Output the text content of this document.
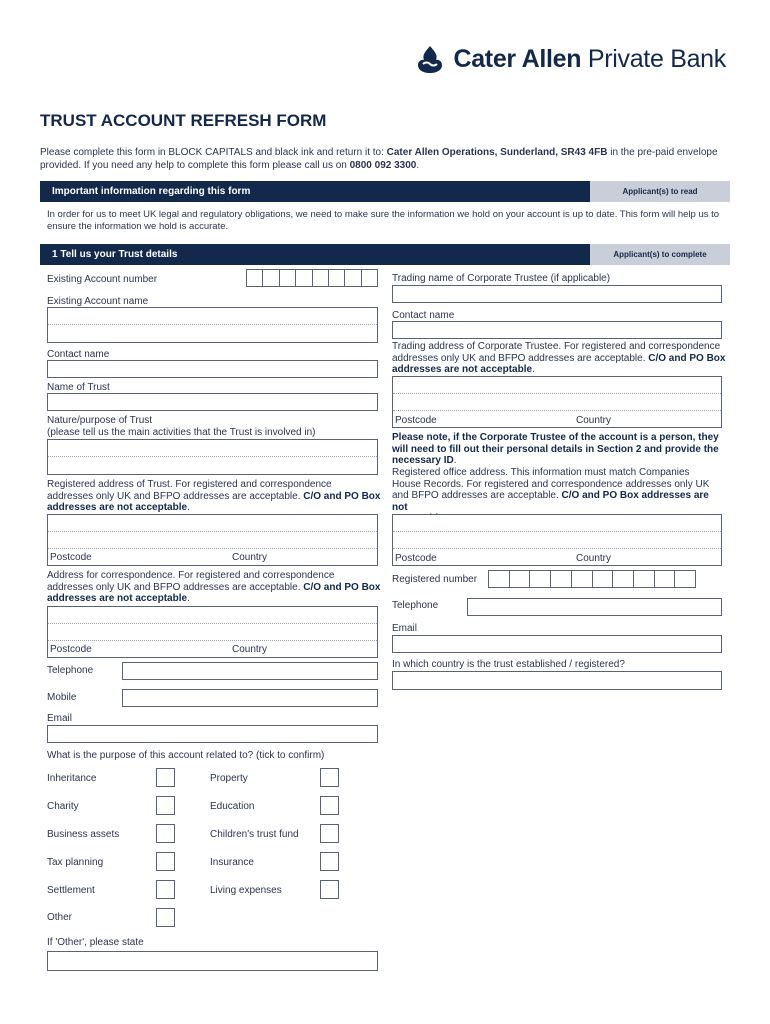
Cater Allen Private Bank
TRUST ACCOUNT REFRESH FORM
Please complete this form in BLOCK CAPITALS and black ink and return it to: Cater Allen Operations, Sunderland, SR43 4FB in the pre-paid envelope provided. If you need any help to complete this form please call us on 0800 092 3300.
Important information regarding this form	Applicant(s) to read
In order for us to meet UK legal and regulatory obligations, we need to make sure the information we hold on your account is up to date. This form will help us to ensure the information we hold is accurate.
1 Tell us your Trust details	Applicant(s) to complete
Existing Account number
Existing Account name
Contact name
Name of Trust
Nature/purpose of Trust
(please tell us the main activities that the Trust is involved in)
Registered address of Trust. For registered and correspondence
addresses only UK and BFPO addresses are acceptable. C/O and PO Box
addresses are not acceptable.
Postcode	Country
Address for correspondence. For registered and correspondence
addresses only UK and BFPO addresses are acceptable. C/O and PO Box
addresses are not acceptable.
Postcode	Country
Telephone
Mobile
Email
What is the purpose of this account related to? (tick to confirm)
Inheritance
Charity
Business assets
Tax planning
Settlement
Other
Property
Education
Children's trust fund
Insurance
Living expenses
If 'Other', please state
Trading name of Corporate Trustee (if applicable)
Contact name
Trading address of Corporate Trustee. For registered and correspondence
addresses only UK and BFPO addresses are acceptable. C/O and PO Box
addresses are not acceptable.
Postcode	Country
Please note, if the Corporate Trustee of the account is a person, they
will need to fill out their personal details in Section 2 and provide the
necessary ID.
Registered office address. This information must match Companies
House Records. For registered and correspondence addresses only UK
and BFPO addresses are acceptable. C/O and PO Box addresses are not
Postcode	Country
Registered number
Telephone
Email
In which country is the trust established / registered?
